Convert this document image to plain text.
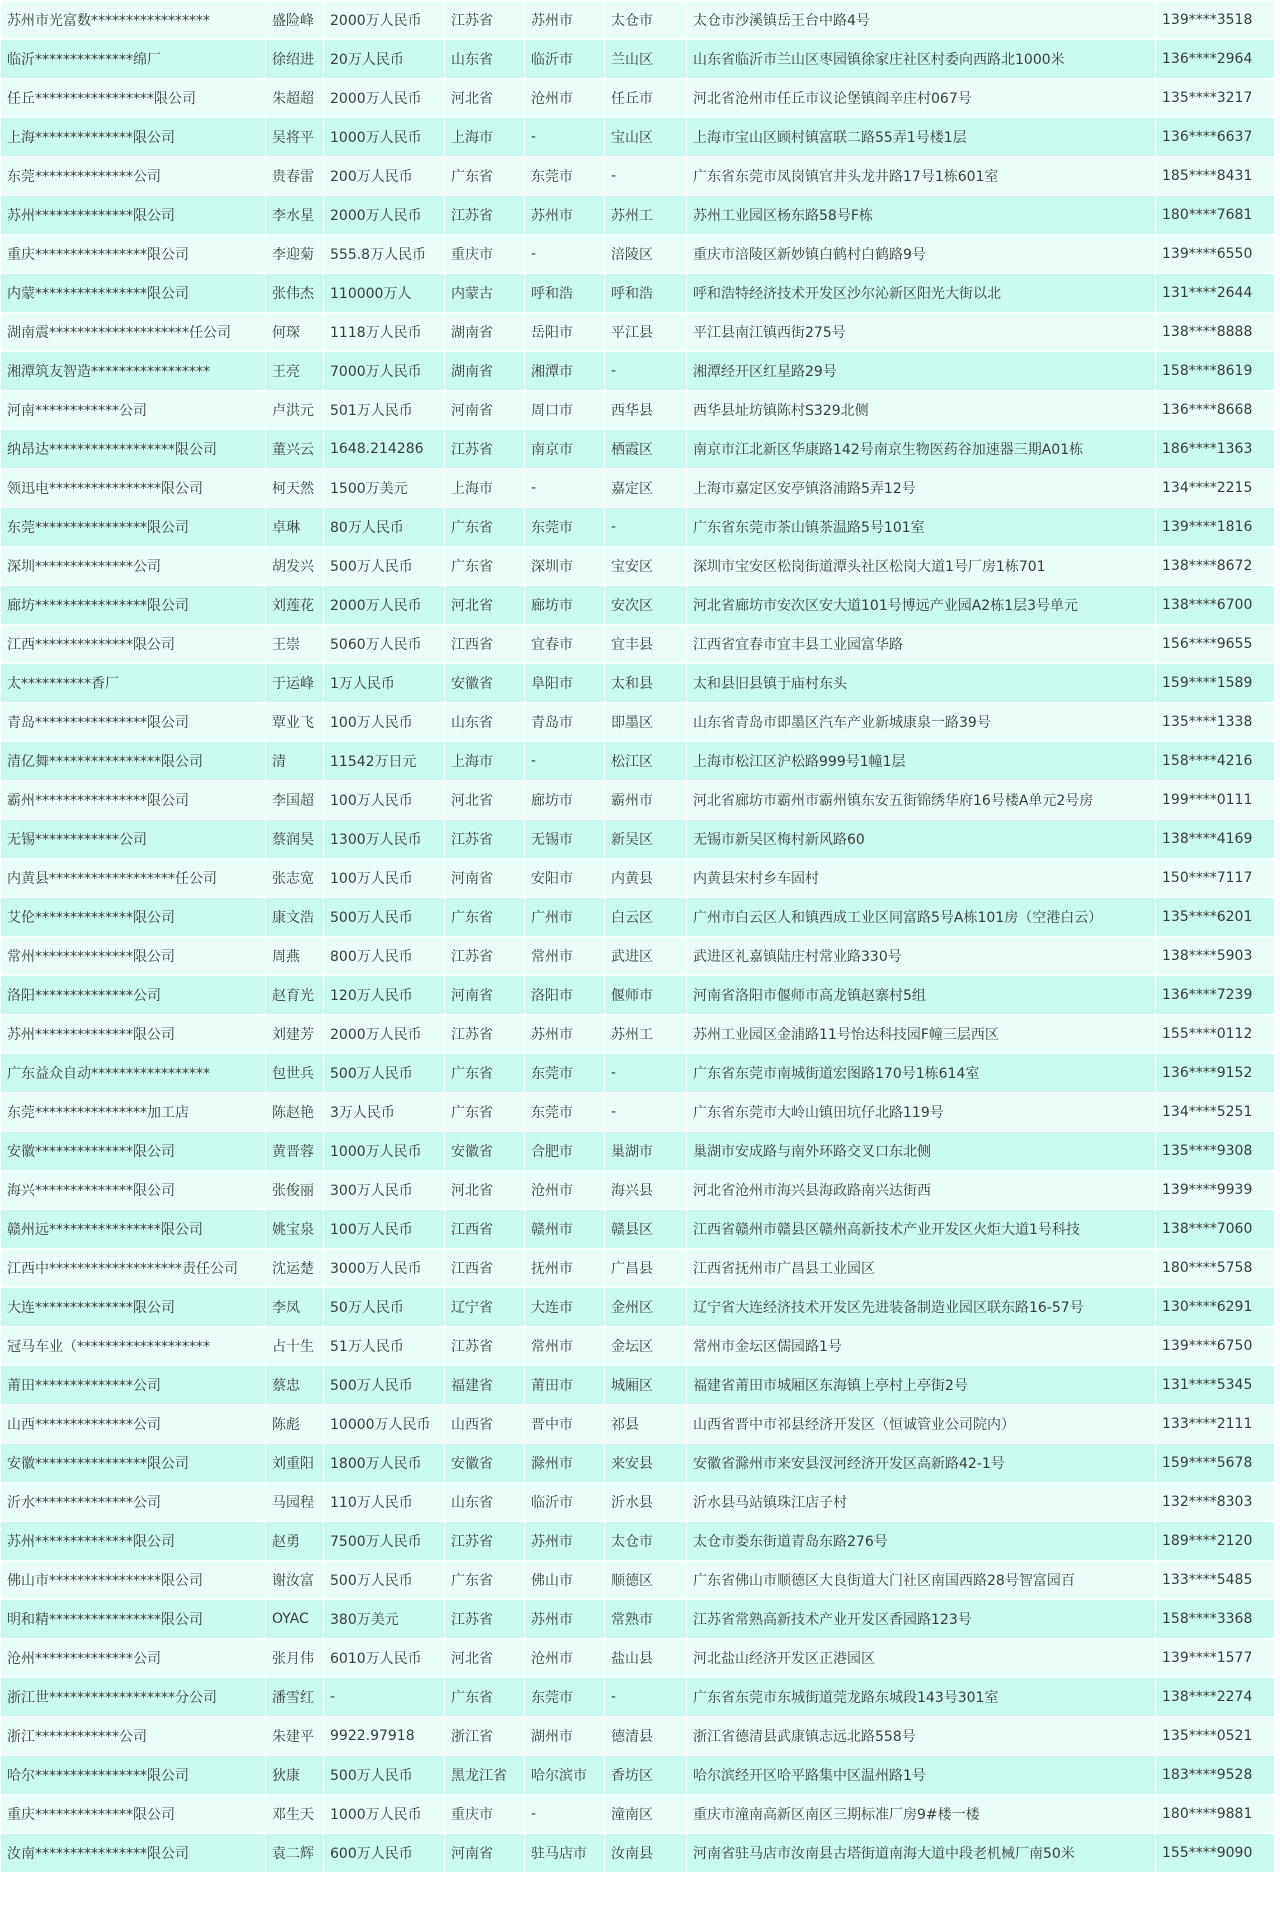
苏州市光富数*****************	盛险峰	2000万人民币	江苏省	苏州市	太仓市	太仓市沙溪镇岳王台中路4号	139****3518
临沂**************绵厂	徐绍进	20万人民币	山东省	临沂市	兰山区	山东省临沂市兰山区枣园镇徐家庄社区村委向西路北1000米	136****2964
任丘*****************限公司	朱超超	2000万人民币	河北省	沧州市	任丘市	河北省沧州市任丘市议论堡镇阎辛庄村067号	135****3217
上海**************限公司	吴将平	1000万人民币	上海市	-	宝山区	上海市宝山区顾村镇富联二路55弄1号楼1层	136****6637
东莞**************公司	贵春雷	200万人民币	广东省	东莞市	-	广东省东莞市凤岗镇官井头龙井路17号1栋601室	185****8431
苏州**************限公司	李水星	2000万人民币	江苏省	苏州市	苏州工	苏州工业园区杨东路58号F栋	180****7681
重庆****************限公司	李迎菊	555.8万人民币	重庆市	-	涪陵区	重庆市涪陵区新妙镇白鹤村白鹤路9号	139****6550
内蒙****************限公司	张伟杰	110000万人	内蒙古	呼和浩	呼和浩	呼和浩特经济技术开发区沙尔沁新区阳光大街以北	131****2644
湖南震********************任公司	何琛	1118万人民币	湖南省	岳阳市	平江县	平江县南江镇西街275号	138****8888
湘潭筑友智造*****************	王亮	7000万人民币	湖南省	湘潭市	-	湘潭经开区红星路29号	158****8619
河南************公司	卢洪元	501万人民币	河南省	周口市	西华县	西华县址坊镇陈村S329北侧	136****8668
纳昂达******************限公司	董兴云	1648.214286	江苏省	南京市	栖霞区	南京市江北新区华康路142号南京生物医药谷加速器三期A01栋	186****1363
领迅电****************限公司	柯天然	1500万美元	上海市	-	嘉定区	上海市嘉定区安亭镇洛浦路5弄12号	134****2215
东莞****************限公司	卓琳	80万人民币	广东省	东莞市	-	广东省东莞市茶山镇茶温路5号101室	139****1816
深圳**************公司	胡发兴	500万人民币	广东省	深圳市	宝安区	深圳市宝安区松岗街道潭头社区松岗大道1号厂房1栋701	138****8672
廊坊****************限公司	刘莲花	2000万人民币	河北省	廊坊市	安次区	河北省廊坊市安次区安大道101号博远产业园A2栋1层3号单元	138****6700
江西**************限公司	王崇	5060万人民币	江西省	宜春市	宜丰县	江西省宜春市宜丰县工业园富华路	156****9655
太**********香厂	于运峰	1万人民币	安徽省	阜阳市	太和县	太和县旧县镇于庙村东头	159****1589
青岛****************限公司	覃业飞	100万人民币	山东省	青岛市	即墨区	山东省青岛市即墨区汽车产业新城康泉一路39号	135****1338
清亿舞****************限公司	清	11542万日元	上海市	-	松江区	上海市松江区沪松路999号1幢1层	158****4216
霸州****************限公司	李国超	100万人民币	河北省	廊坊市	霸州市	河北省廊坊市霸州市霸州镇东安五街锦绣华府16号楼A单元2号房	199****0111
无锡************公司	蔡润昊	1300万人民币	江苏省	无锡市	新吴区	无锡市新吴区梅村新风路60	138****4169
内黄县******************任公司	张志宽	100万人民币	河南省	安阳市	内黄县	内黄县宋村乡车固村	150****7117
艾伦**************限公司	康文浩	500万人民币	广东省	广州市	白云区	广州市白云区人和镇西成工业区同富路5号A栋101房（空港白云）	135****6201
常州**************限公司	周燕	800万人民币	江苏省	常州市	武进区	武进区礼嘉镇陆庄村常业路330号	138****5903
洛阳**************公司	赵育光	120万人民币	河南省	洛阳市	偃师市	河南省洛阳市偃师市高龙镇赵寨村5组	136****7239
苏州**************限公司	刘建芳	2000万人民币	江苏省	苏州市	苏州工	苏州工业园区金浦路11号怡达科技园F幢三层西区	155****0112
广东益众自动*****************	包世兵	500万人民币	广东省	东莞市	-	广东省东莞市南城街道宏图路170号1栋614室	136****9152
东莞****************加工店	陈赵艳	3万人民币	广东省	东莞市	-	广东省东莞市大岭山镇田坑仔北路119号	134****5251
安徽**************限公司	黄晋蓉	1000万人民币	安徽省	合肥市	巢湖市	巢湖市安成路与南外环路交叉口东北侧	135****9308
海兴**************限公司	张俊丽	300万人民币	河北省	沧州市	海兴县	河北省沧州市海兴县海政路南兴达街西	139****9939
赣州远****************限公司	姚宝泉	100万人民币	江西省	赣州市	赣县区	江西省赣州市赣县区赣州高新技术产业开发区火炬大道1号科技	138****7060
江西中*******************责任公司	沈运楚	3000万人民币	江西省	抚州市	广昌县	江西省抚州市广昌县工业园区	180****5758
大连**************限公司	李凤	50万人民币	辽宁省	大连市	金州区	辽宁省大连经济技术开发区先进装备制造业园区联东路16-57号	130****6291
冠马车业（*******************	占十生	51万人民币	江苏省	常州市	金坛区	常州市金坛区儒园路1号	139****6750
莆田**************公司	蔡忠	500万人民币	福建省	莆田市	城厢区	福建省莆田市城厢区东海镇上亭村上亭街2号	131****5345
山西**************公司	陈彪	10000万人民币	山西省	晋中市	祁县	山西省晋中市祁县经济开发区（恒诚管业公司院内）	133****2111
安徽****************限公司	刘重阳	1800万人民币	安徽省	滁州市	来安县	安徽省滁州市来安县汊河经济开发区高新路42-1号	159****5678
沂水**************公司	马园程	110万人民币	山东省	临沂市	沂水县	沂水县马站镇珠江店子村	132****8303
苏州**************限公司	赵勇	7500万人民币	江苏省	苏州市	太仓市	太仓市娄东街道青岛东路276号	189****2120
佛山市****************限公司	谢汝富	500万人民币	广东省	佛山市	顺德区	广东省佛山市顺德区大良街道大门社区南国西路28号智富园百	133****5485
明和精****************限公司	OYAC	380万美元	江苏省	苏州市	常熟市	江苏省常熟高新技术产业开发区香园路123号	158****3368
沧州**************公司	张月伟	6010万人民币	河北省	沧州市	盐山县	河北盐山经济开发区正港园区	139****1577
浙江世******************分公司	潘雪红	-	广东省	东莞市	-	广东省东莞市东城街道莞龙路东城段143号301室	138****2274
浙江************公司	朱建平	9922.97918	浙江省	湖州市	德清县	浙江省德清县武康镇志远北路558号	135****0521
哈尔****************限公司	狄康	500万人民币	黑龙江省	哈尔滨市	香坊区	哈尔滨经开区哈平路集中区温州路1号	183****9528
重庆**************限公司	邓生天	1000万人民币	重庆市	-	潼南区	重庆市潼南高新区南区三期标准厂房9#楼一楼	180****9881
汝南****************限公司	袁二辉	600万人民币	河南省	驻马店市	汝南县	河南省驻马店市汝南县古塔街道南海大道中段老机械厂南50米	155****9090
